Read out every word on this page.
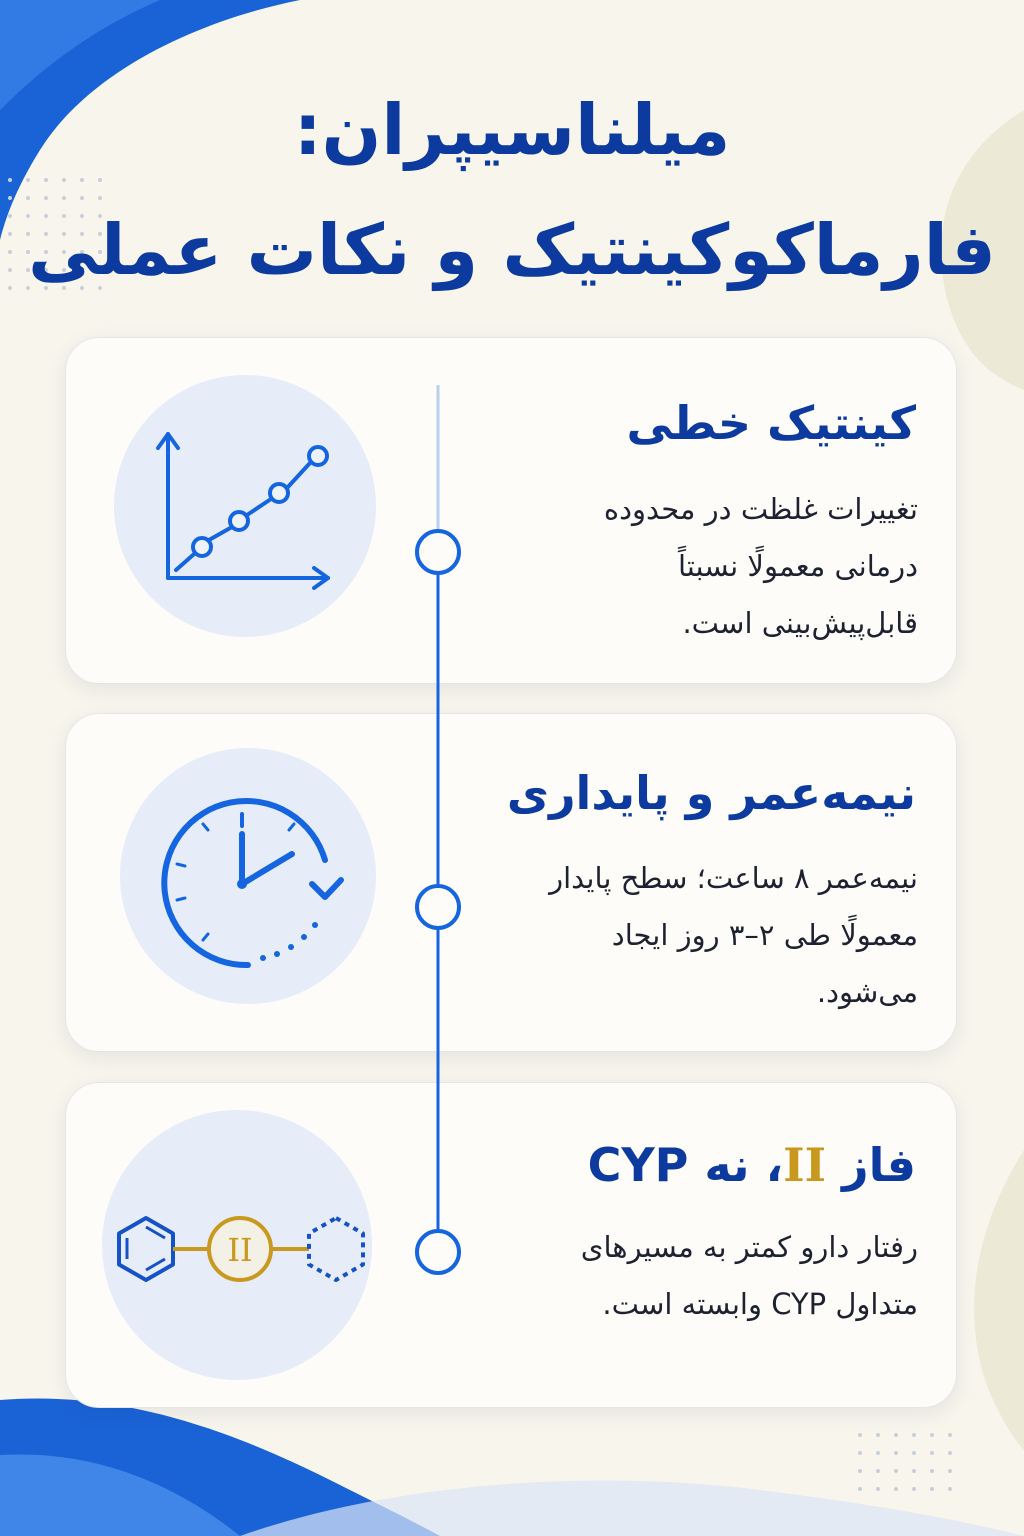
میلناسیپران:
فارماکوکینتیک و نکات عملی
کینتیک خطی
تغییرات غلظت در محدوده درمانی معمولًا نسبتاً قابل‌پیش‌بینی است.
نیمه‌عمر و پایداری
نیمه‌عمر ۸ ساعت؛ سطح پایدار معمولًا طی ۲–۳ روز ایجاد می‌شود.
II
فاز II، نه CYP
رفتار دارو کمتر به مسیرهای متداول CYP وابسته است.
